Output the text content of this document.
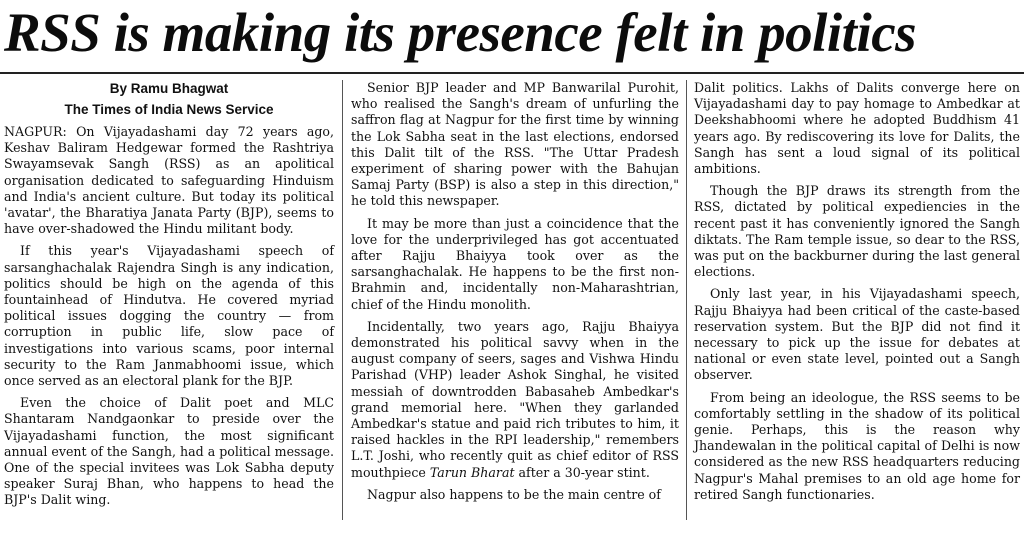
RSS is making its presence felt in politics
By Ramu Bhagwat
The Times of India News Service

NAGPUR: On Vijayadashami day 72 years ago, Keshav Baliram Hedgewar formed the Rashtriya Swayamsevak Sangh (RSS) as an apolitical organisation dedicated to safeguarding Hinduism and India's ancient culture. But today its political 'avatar', the Bharatiya Janata Party (BJP), seems to have over-shadowed the Hindu militant body.

If this year's Vijayadashami speech of sarsanghachalak Rajendra Singh is any indication, politics should be high on the agenda of this fountainhead of Hindutva. He covered myriad political issues dogging the country — from corruption in public life, slow pace of investigations into various scams, poor internal security to the Ram Janmabhoomi issue, which once served as an electoral plank for the BJP.

Even the choice of Dalit poet and MLC Shantaram Nandgaonkar to preside over the Vijayadashami function, the most significant annual event of the Sangh, had a political message. One of the special invitees was Lok Sabha deputy speaker Suraj Bhan, who happens to head the BJP's Dalit wing.

Senior BJP leader and MP Banwarilal Purohit, who realised the Sangh's dream of unfurling the saffron flag at Nagpur for the first time by winning the Lok Sabha seat in the last elections, endorsed this Dalit tilt of the RSS. "The Uttar Pradesh experiment of sharing power with the Bahujan Samaj Party (BSP) is also a step in this direction," he told this newspaper.

It may be more than just a coincidence that the love for the underprivileged has got accentuated after Rajju Bhaiyya took over as the sarsanghachalak. He happens to be the first non-Brahmin and, incidentally non-Maharashtrian, chief of the Hindu monolith.

Incidentally, two years ago, Rajju Bhaiyya demonstrated his political savvy when in the august company of seers, sages and Vishwa Hindu Parishad (VHP) leader Ashok Singhal, he visited messiah of downtrodden Babasaheb Ambedkar's grand memorial here. "When they garlanded Ambedkar's statue and paid rich tributes to him, it raised hackles in the RPI leadership," remembers L.T. Joshi, who recently quit as chief editor of RSS mouthpiece Tarun Bharat after a 30-year stint.

Nagpur also happens to be the main centre of

Dalit politics. Lakhs of Dalits converge here on Vijayadashami day to pay homage to Ambedkar at Deekshabhoomi where he adopted Buddhism 41 years ago. By rediscovering its love for Dalits, the Sangh has sent a loud signal of its political ambitions.

Though the BJP draws its strength from the RSS, dictated by political expediencies in the recent past it has conveniently ignored the Sangh diktats. The Ram temple issue, so dear to the RSS, was put on the backburner during the last general elections.

Only last year, in his Vijayadashami speech, Rajju Bhaiyya had been critical of the caste-based reservation system. But the BJP did not find it necessary to pick up the issue for debates at national or even state level, pointed out a Sangh observer.

From being an ideologue, the RSS seems to be comfortably settling in the shadow of its political genie. Perhaps, this is the reason why Jhandewalan in the political capital of Delhi is now considered as the new RSS headquarters reducing Nagpur's Mahal premises to an old age home for retired Sangh functionaries.
